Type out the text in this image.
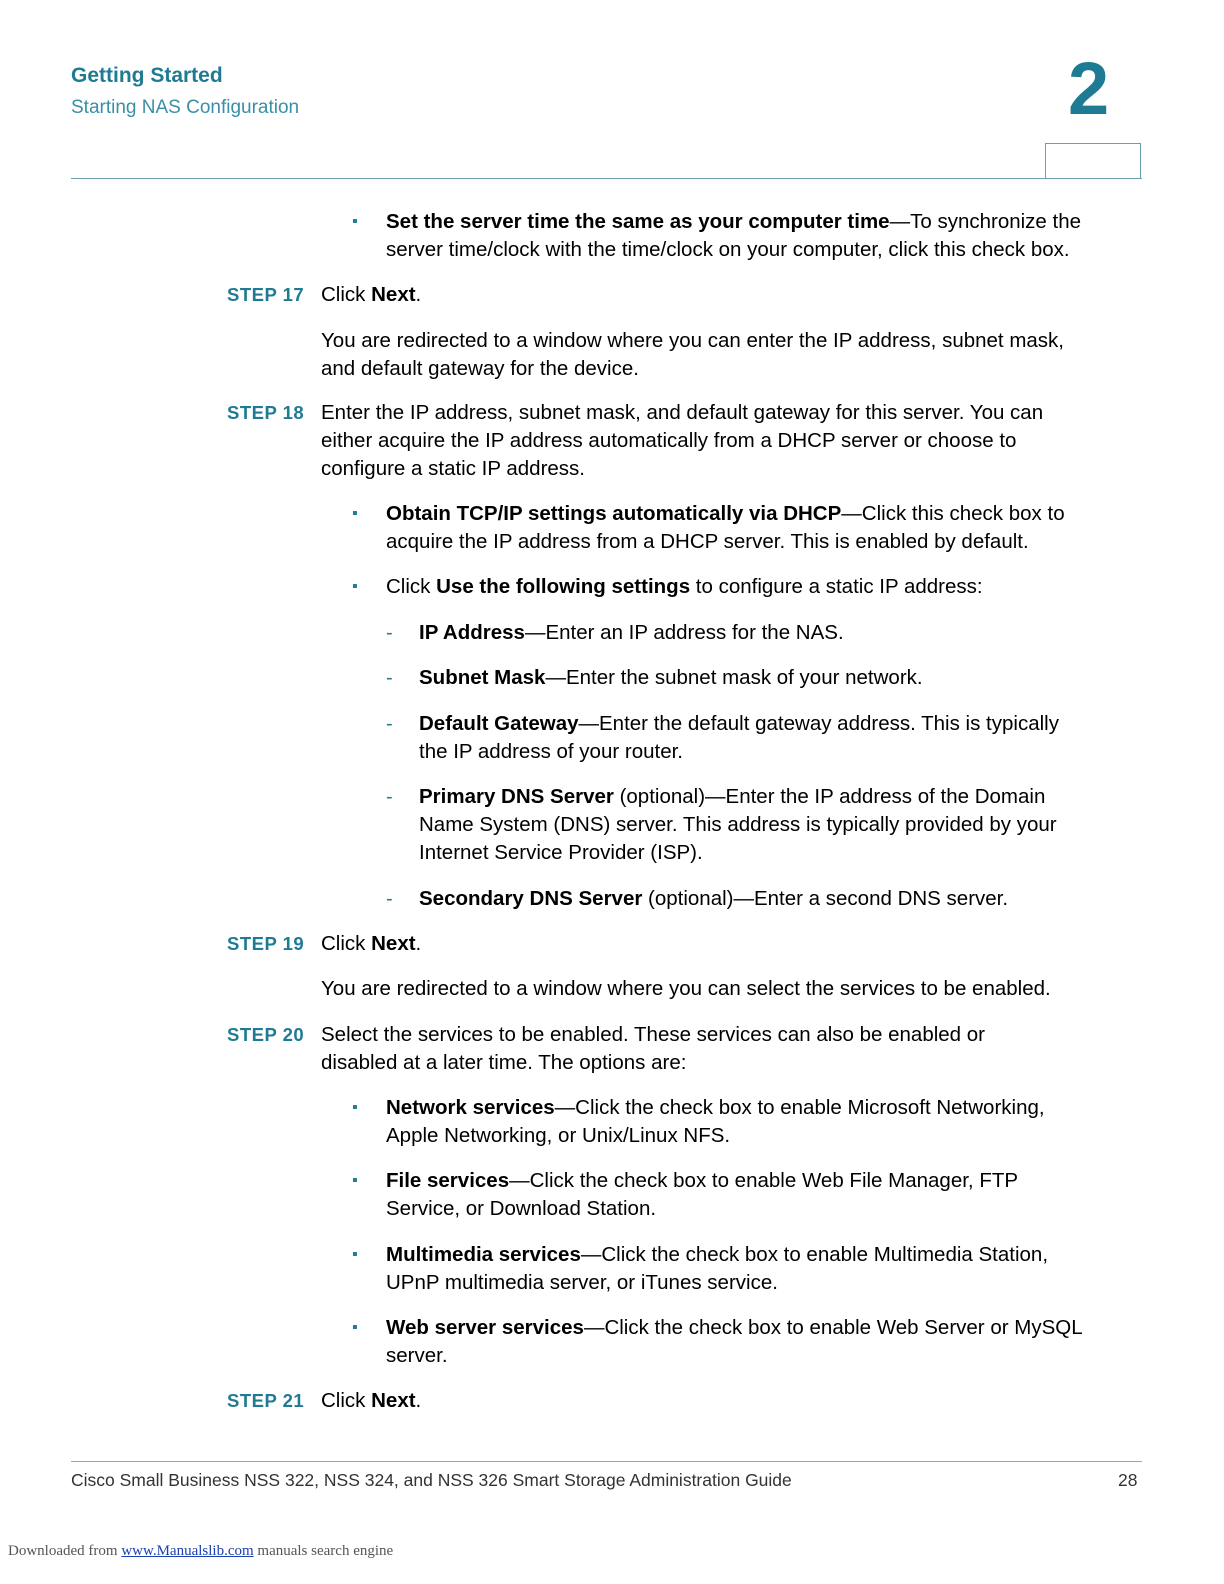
Getting Started
Starting NAS Configuration	2
▪ Set the server time the same as your computer time—To synchronize the
server time/clock with the time/clock on your computer, click this check box.
STEP 17 Click Next.
You are redirected to a window where you can enter the IP address, subnet mask,
and default gateway for the device.
STEP 18 Enter the IP address, subnet mask, and default gateway for this server. You can
either acquire the IP address automatically from a DHCP server or choose to
configure a static IP address.
▪ Obtain TCP/IP settings automatically via DHCP—Click this check box to
acquire the IP address from a DHCP server. This is enabled by default.
▪ Click Use the following settings to configure a static IP address:
- IP Address—Enter an IP address for the NAS.
- Subnet Mask—Enter the subnet mask of your network.
- Default Gateway—Enter the default gateway address. This is typically
the IP address of your router.
- Primary DNS Server (optional)—Enter the IP address of the Domain
Name System (DNS) server. This address is typically provided by your
Internet Service Provider (ISP).
- Secondary DNS Server (optional)—Enter a second DNS server.
STEP 19 Click Next.
You are redirected to a window where you can select the services to be enabled.
STEP 20 Select the services to be enabled. These services can also be enabled or
disabled at a later time. The options are:
▪ Network services—Click the check box to enable Microsoft Networking,
Apple Networking, or Unix/Linux NFS.
▪ File services—Click the check box to enable Web File Manager, FTP
Service, or Download Station.
▪ Multimedia services—Click the check box to enable Multimedia Station,
UPnP multimedia server, or iTunes service.
▪ Web server services—Click the check box to enable Web Server or MySQL
server.
STEP 21 Click Next.
Cisco Small Business NSS 322, NSS 324, and NSS 326 Smart Storage Administration Guide	28
Downloaded from www.Manualslib.com manuals search engine
